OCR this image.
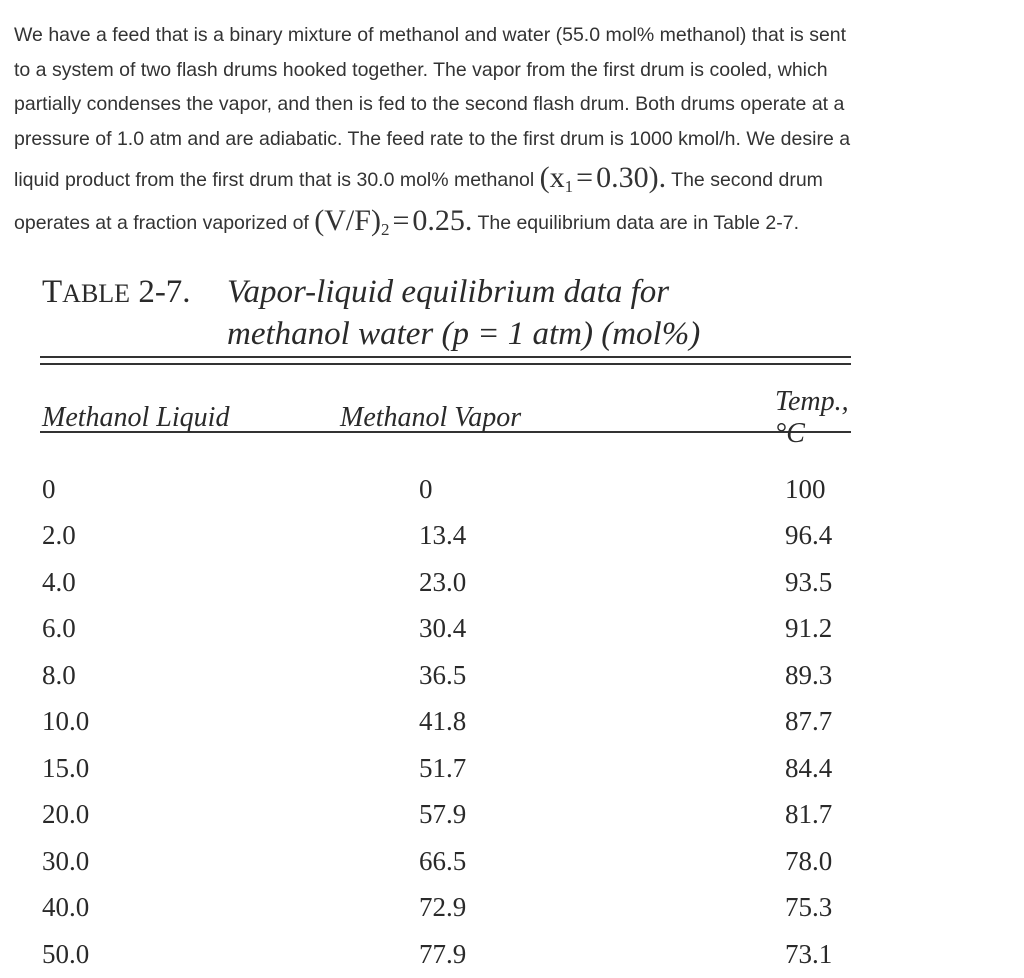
We have a feed that is a binary mixture of methanol and water (55.0 mol% methanol) that is sent
to a system of two flash drums hooked together. The vapor from the first drum is cooled, which
partially condenses the vapor, and then is fed to the second flash drum. Both drums operate at a
pressure of 1.0 atm and are adiabatic. The feed rate to the first drum is 1000 kmol/h. We desire a
liquid product from the first drum that is 30.0 mol% methanol $(x_1 = 0.30)$. The second drum
operates at a fraction vaporized of $(V/F)_2 = 0.25$. The equilibrium data are in Table 2-7.
TABLE 2-7. Vapor-liquid equilibrium data for
methanol water (p = 1 atm) (mol%)
Methanol Liquid	Methanol Vapor	Temp., °C

0	0	100
2.0	13.4	96.4
4.0	23.0	93.5
6.0	30.4	91.2
8.0	36.5	89.3
10.0	41.8	87.7
15.0	51.7	84.4
20.0	57.9	81.7
30.0	66.5	78.0
40.0	72.9	75.3
50.0	77.9	73.1
